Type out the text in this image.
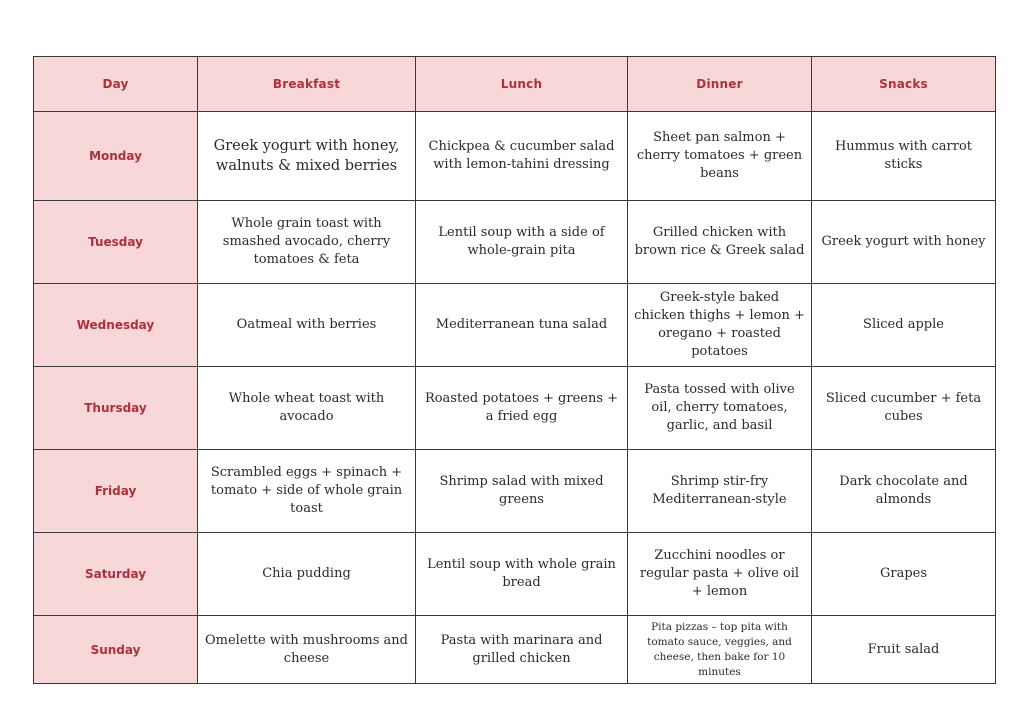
Day	Breakfast	Lunch	Dinner	Snacks
Monday	Greek yogurt with honey, walnuts & mixed berries	Chickpea & cucumber salad with lemon-tahini dressing	Sheet pan salmon + cherry tomatoes + green beans	Hummus with carrot sticks
Tuesday	Whole grain toast with smashed avocado, cherry tomatoes & feta	Lentil soup with a side of whole-grain pita	Grilled chicken with brown rice & Greek salad	Greek yogurt with honey
Wednesday	Oatmeal with berries	Mediterranean tuna salad	Greek-style baked chicken thighs + lemon + oregano + roasted potatoes	Sliced apple
Thursday	Whole wheat toast with avocado	Roasted potatoes + greens + a fried egg	Pasta tossed with olive oil, cherry tomatoes, garlic, and basil	Sliced cucumber + feta cubes
Friday	Scrambled eggs + spinach + tomato + side of whole grain toast	Shrimp salad with mixed greens	Shrimp stir-fry Mediterranean-style	Dark chocolate and almonds
Saturday	Chia pudding	Lentil soup with whole grain bread	Zucchini noodles or regular pasta + olive oil + lemon	Grapes
Sunday	Omelette with mushrooms and cheese	Pasta with marinara and grilled chicken	Pita pizzas – top pita with tomato sauce, veggies, and cheese, then bake for 10 minutes	Fruit salad
